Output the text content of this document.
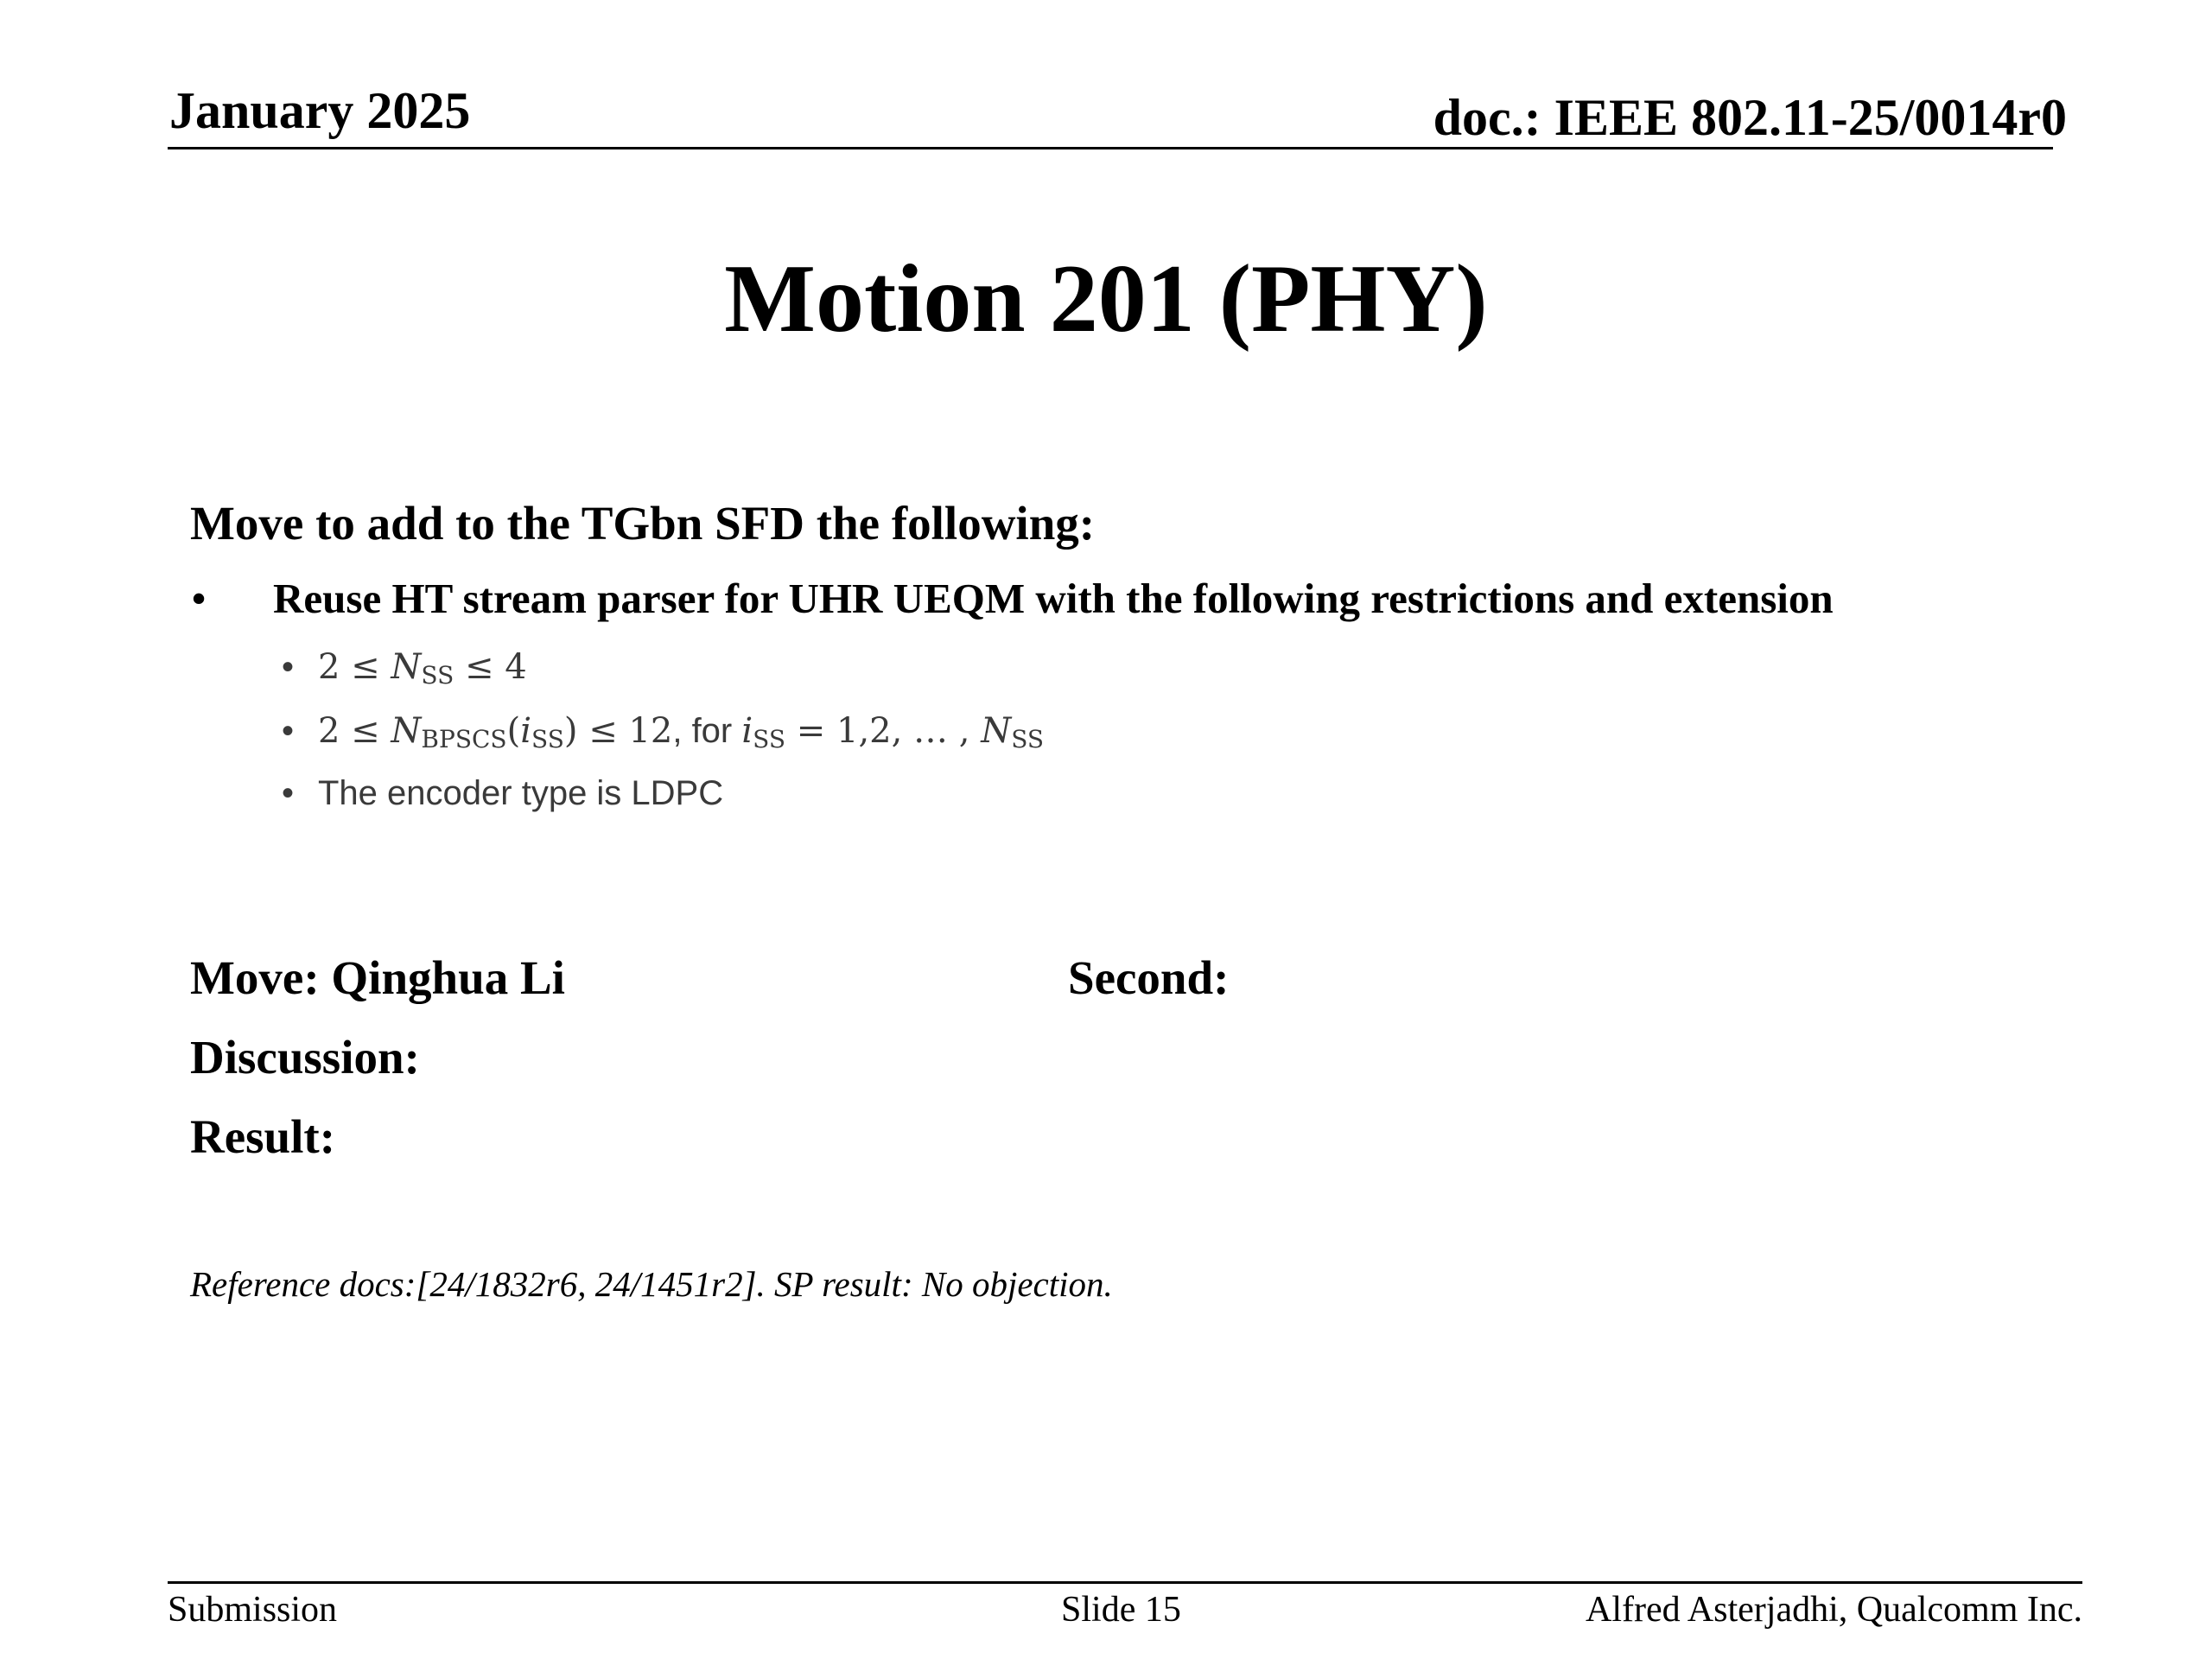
January 2025	doc.: IEEE 802.11-25/0014r0
Motion 201 (PHY)
Move to add to the TGbn SFD the following:
• Reuse HT stream parser for UHR UEQM with the following restrictions and extension
• $2 \le N_{SS} \le 4$
• $2 \le N_{BPSCS}(i_{SS}) \le 12$, for $i_{SS} = 1,2$, … , $N_{SS}$
• The encoder type is LDPC
Move: Qinghua Li	Second:
Discussion:
Result:
Reference docs:[24/1832r6, 24/1451r2]. SP result: No objection.
Submission	Slide 15	Alfred Asterjadhi, Qualcomm Inc.
